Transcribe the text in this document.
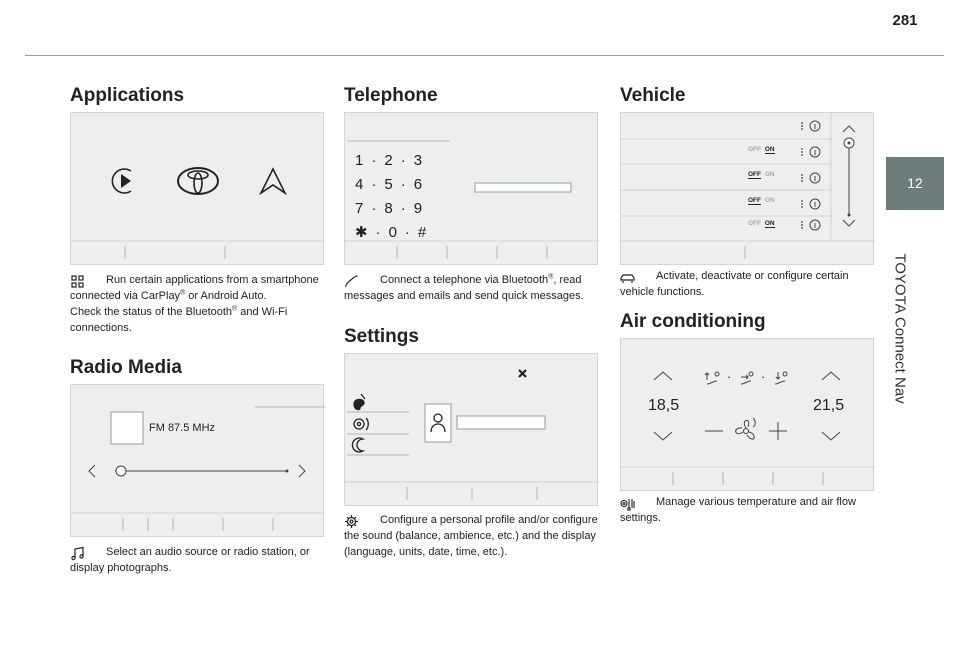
281
12
TOYOTA Connect Nav
Applications
Run certain applications from a smartphone connected via CarPlay® or Android Auto.
Check the status of the Bluetooth® and Wi-Fi connections.
Radio Media
FM 87.5 MHz
Select an audio source or radio station, or display photographs.
Telephone
1 · 2 · 3
4 · 5 · 6
7 · 8 · 9
✱ · 0 · #
Connect a telephone via Bluetooth®, read messages and emails and send quick messages.
Settings
Configure a personal profile and/or configure the sound (balance, ambience, etc.) and the display (language, units, date, time, etc.).
Vehicle
OFF ON
OFF ON
OFF ON
OFF ON
Activate, deactivate or configure certain vehicle functions.
Air conditioning
· ·
18,5	21,5
Manage various temperature and air flow settings.
